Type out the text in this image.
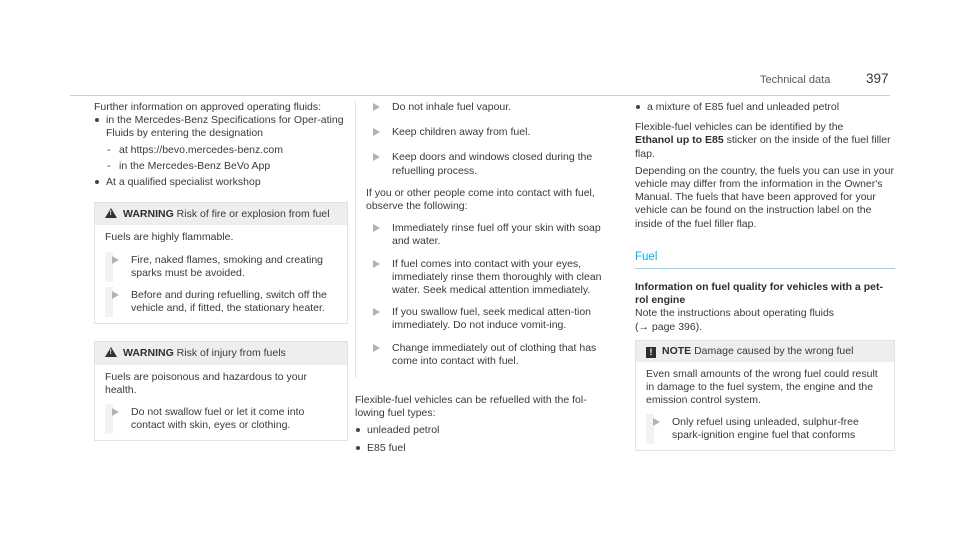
Technical data	397

Further information on approved operating fluids:

in the Mercedes-Benz Specifications for Oper-ating Fluids by entering the designation
- at https://bevo.mercedes-benz.com
- in the Mercedes-Benz BeVo App
At a qualified specialist workshop
!WARNING Risk of fire or explosion from fuel

Fuels are highly flammable.

Fire, naked flames, smoking and creating sparks must be avoided.
Before and during refuelling, switch off the vehicle and, if fitted, the stationary heater.
!WARNING Risk of injury from fuels

Fuels are poisonous and hazardous to your health.

Do not swallow fuel or let it come into contact with skin, eyes or clothing.
Do not inhale fuel vapour.
Keep children away from fuel.
Keep doors and windows closed during the refuelling process.

If you or other people come into contact with fuel, observe the following:

Immediately rinse fuel off your skin with soap and water.
If fuel comes into contact with your eyes, immediately rinse them thoroughly with clean water. Seek medical attention immediately.
If you swallow fuel, seek medical atten-tion immediately. Do not induce vomit-ing.
Change immediately out of clothing that has come into contact with fuel.

Flexible-fuel vehicles can be refuelled with the fol-lowing fuel types:

unleaded petrol
E85 fuel
a mixture of E85 fuel and unleaded petrol

Flexible-fuel vehicles can be identified by the
Ethanol up to E85 sticker on the inside of the fuel filler flap.

Depending on the country, the fuels you can use in your vehicle may differ from the information in the Owner's Manual. The fuels that have been approved for your vehicle can be found on the instruction label on the inside of the fuel filler flap.

Fuel

Information on fuel quality for vehicles with a pet-rol engine

Note the instructions about operating fluids

(→ page 396).

! NOTE Damage caused by the wrong fuel

Even small amounts of the wrong fuel could result in damage to the fuel system, the engine and the emission control system.

Only refuel using unleaded, sulphur-free spark-ignition engine fuel that conforms
